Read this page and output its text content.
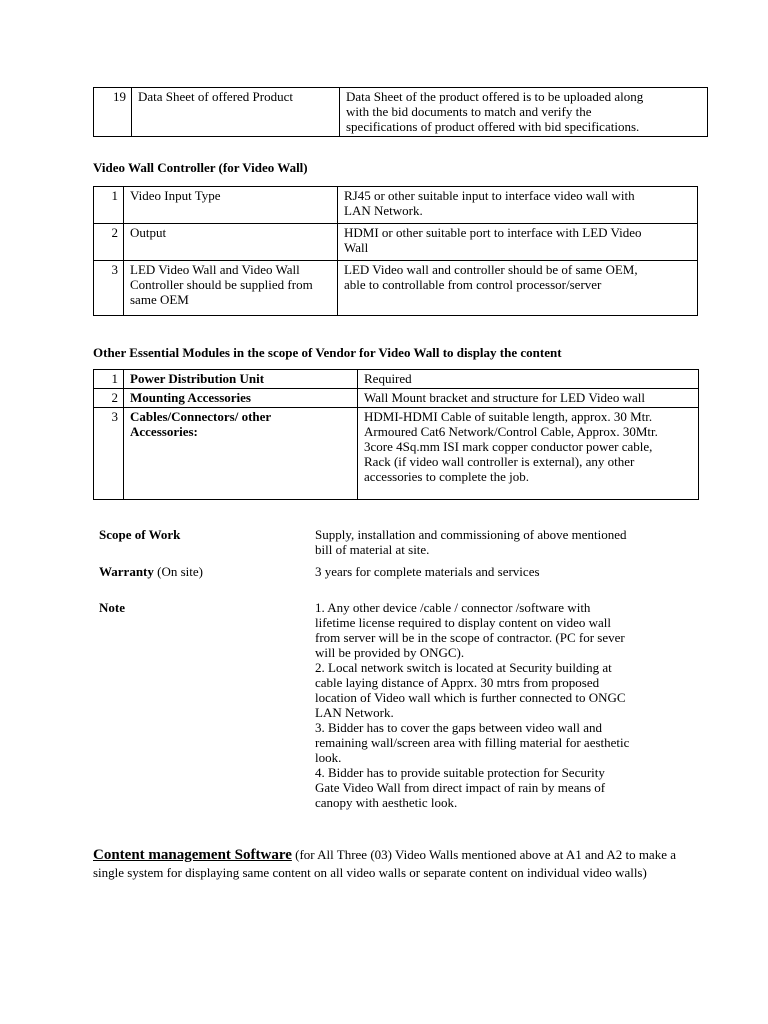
19	Data Sheet of offered Product	Data Sheet of the product offered is to be uploaded along
with the bid documents to match and verify the
specifications of product offered with bid specifications.
Video Wall Controller (for Video Wall)
1	Video Input Type	RJ45 or other suitable input to interface video wall with
LAN Network.

2	Output	HDMI or other suitable port to interface with LED Video
Wall

3	LED Video Wall and Video Wall
Controller should be supplied from
same OEM	LED Video wall and controller should be of same OEM,
able to controllable from control processor/server
Other Essential Modules in the scope of Vendor for Video Wall to display the content
1	Power Distribution Unit	Required

2	Mounting Accessories	Wall Mount bracket and structure for LED Video wall

3	Cables/Connectors/ other
Accessories:	HDMI-HDMI Cable of suitable length, approx. 30 Mtr.
Armoured Cat6 Network/Control Cable, Approx. 30Mtr.
3core 4Sq.mm ISI mark copper conductor power cable,
Rack (if video wall controller is external), any other
accessories to complete the job.
Scope of Work	Supply, installation and commissioning of above mentioned
bill of material at site.
Warranty (On site)	3 years for complete materials and services
Note	1. Any other device /cable / connector /software with
lifetime license required to display content on video wall
from server will be in the scope of contractor. (PC for sever
will be provided by ONGC).
2. Local network switch is located at Security building at
cable laying distance of Apprx. 30 mtrs from proposed
location of Video wall which is further connected to ONGC
LAN Network.
3. Bidder has to cover the gaps between video wall and
remaining wall/screen area with filling material for aesthetic
look.
4. Bidder has to provide suitable protection for Security
Gate Video Wall from direct impact of rain by means of
canopy with aesthetic look.
Content management Software (for All Three (03) Video Walls mentioned above at A1 and A2 to make a single system for displaying same content on all video walls or separate content on individual video walls)
